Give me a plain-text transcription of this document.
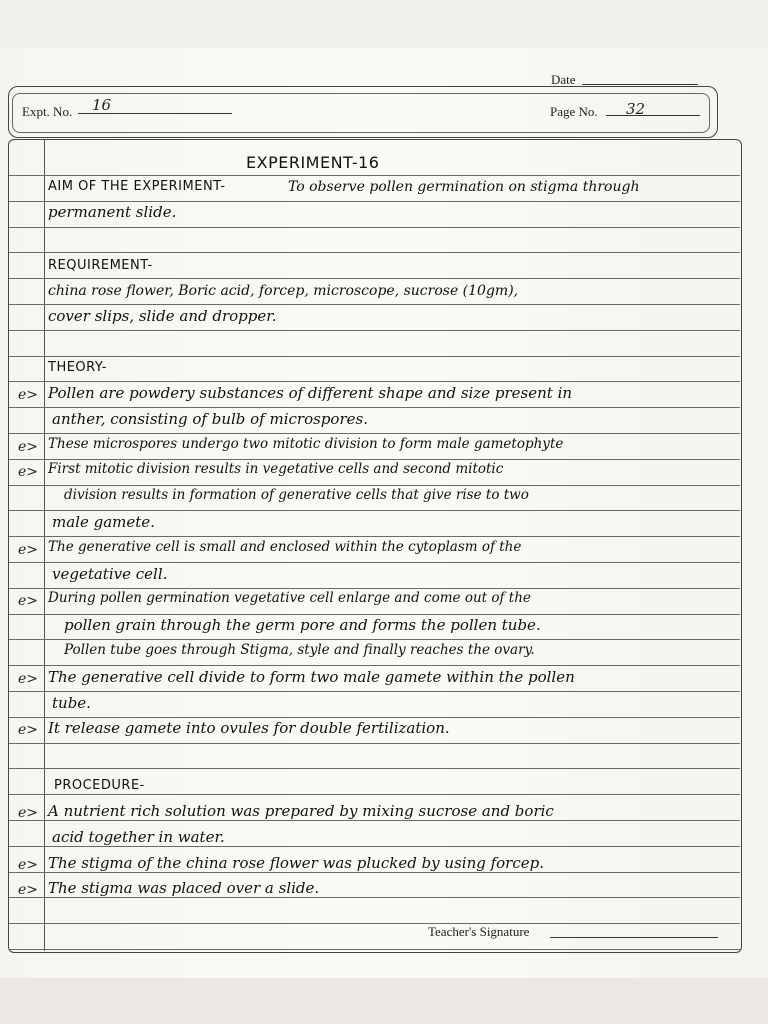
Date
Expt. No. 16	Page No. 32
EXPERIMENT-16
AIM OF THE EXPERIMENT-	To observe pollen germination on stigma through
permanent slide.
REQUIREMENT-
china rose flower, Boric acid, forcep, microscope, sucrose (10gm),
cover slips, slide and dropper.
THEORY-
e> Pollen are powdery substances of different shape and size present in
anther, consisting of bulb of microspores.
e> These microspores undergo two mitotic division to form male gametophyte
e> First mitotic division results in vegetative cells and second mitotic
division results in formation of generative cells that give rise to two
male gamete.
e> The generative cell is small and enclosed within the cytoplasm of the
vegetative cell.
e> During pollen germination vegetative cell enlarge and come out of the
pollen grain through the germ pore and forms the pollen tube.
Pollen tube goes through Stigma, style and finally reaches the ovary.
e> The generative cell divide to form two male gamete within the pollen
tube.
e> It release gamete into ovules for double fertilization.
PROCEDURE-
e> A nutrient rich solution was prepared by mixing sucrose and boric
acid together in water.
e> The stigma of the china rose flower was plucked by using forcep.
e> The stigma was placed over a slide.
Teacher's Signature
